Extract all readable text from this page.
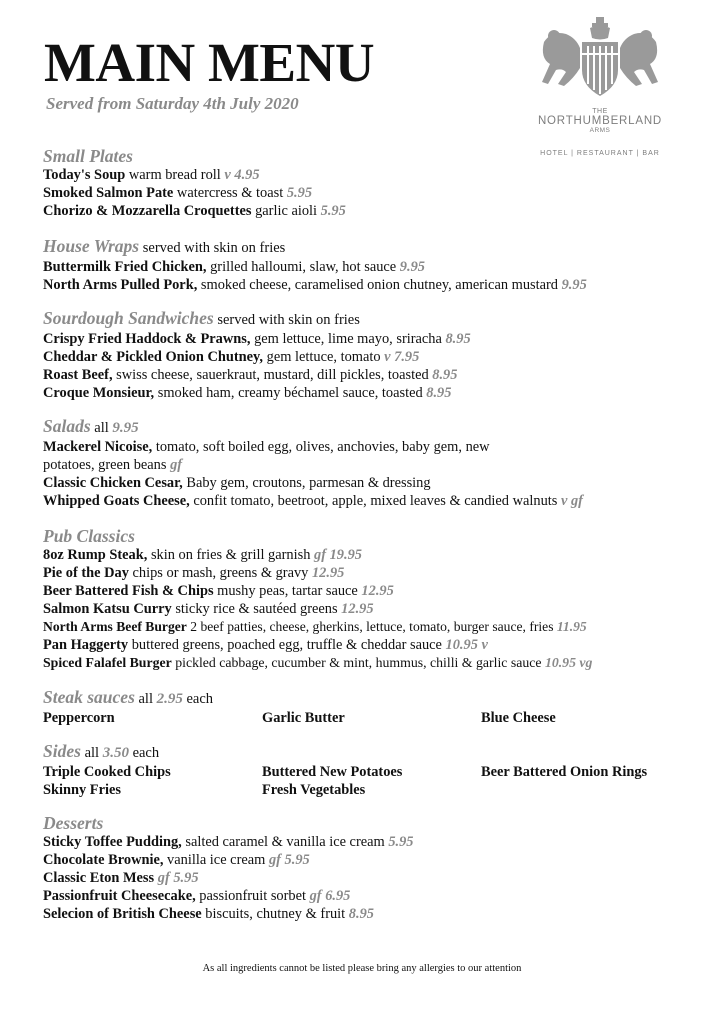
MAIN MENU

Served from Saturday 4th July 2020	THE
NORTHUMBERLAND
ARMS
HOTEL | RESTAURANT | BAR
Small Plates
Today's Soup warm bread roll v 4.95
Smoked Salmon Pate watercress & toast 5.95
Chorizo & Mozzarella Croquettes garlic aioli 5.95
House Wraps served with skin on fries
Buttermilk Fried Chicken, grilled halloumi, slaw, hot sauce 9.95
North Arms Pulled Pork, smoked cheese, caramelised onion chutney, american mustard 9.95
Sourdough Sandwiches served with skin on fries
Crispy Fried Haddock & Prawns, gem lettuce, lime mayo, sriracha 8.95
Cheddar & Pickled Onion Chutney, gem lettuce, tomato v 7.95
Roast Beef, swiss cheese, sauerkraut, mustard, dill pickles, toasted 8.95
Croque Monsieur, smoked ham, creamy béchamel sauce, toasted 8.95
Salads all 9.95
Mackerel Nicoise, tomato, soft boiled egg, olives, anchovies, baby gem, new potatoes, green beans gf
Classic Chicken Cesar, Baby gem, croutons, parmesan & dressing
Whipped Goats Cheese, confit tomato, beetroot, apple, mixed leaves & candied walnuts v gf
Pub Classics
8oz Rump Steak, skin on fries & grill garnish gf 19.95
Pie of the Day chips or mash, greens & gravy 12.95
Beer Battered Fish & Chips mushy peas, tartar sauce 12.95
Salmon Katsu Curry sticky rice & sautéed greens 12.95
North Arms Beef Burger 2 beef patties, cheese, gherkins, lettuce, tomato, burger sauce, fries 11.95
Pan Haggerty buttered greens, poached egg, truffle & cheddar sauce 10.95 v
Spiced Falafel Burger pickled cabbage, cucumber & mint, hummus, chilli & garlic sauce 10.95 vg
Steak sauces all 2.95 each
Peppercorn	Garlic Butter	Blue Cheese
Sides all 3.50 each
Triple Cooked Chips	Buttered New Potatoes	Beer Battered Onion Rings
Skinny Fries	Fresh Vegetables
Desserts
Sticky Toffee Pudding, salted caramel & vanilla ice cream 5.95
Chocolate Brownie, vanilla ice cream gf 5.95
Classic Eton Mess gf 5.95
Passionfruit Cheesecake, passionfruit sorbet gf 6.95
Selecion of British Cheese biscuits, chutney & fruit 8.95
As all ingredients cannot be listed please bring any allergies to our attention
